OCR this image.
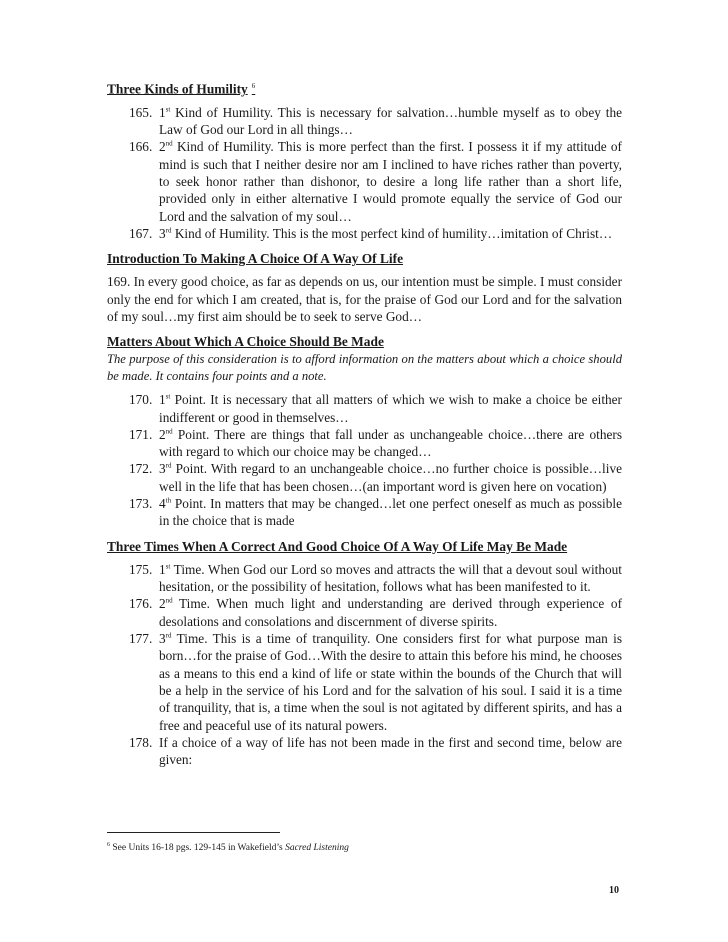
Three Kinds of Humility $^6$
165. 1st Kind of Humility. This is necessary for salvation…humble myself as to obey the Law of God our Lord in all things…
166. 2nd Kind of Humility. This is more perfect than the first. I possess it if my attitude of mind is such that I neither desire nor am I inclined to have riches rather than poverty, to seek honor rather than dishonor, to desire a long life rather than a short life, provided only in either alternative I would promote equally the service of God our Lord and the salvation of my soul…
167. 3rd Kind of Humility. This is the most perfect kind of humility…imitation of Christ…
Introduction To Making A Choice Of A Way Of Life

169. In every good choice, as far as depends on us, our intention must be simple. I must consider only the end for which I am created, that is, for the praise of God our Lord and for the salvation of my soul…my first aim should be to seek to serve God…

Matters About Which A Choice Should Be Made

The purpose of this consideration is to afford information on the matters about which a choice should be made. It contains four points and a note.

170. 1st Point. It is necessary that all matters of which we wish to make a choice be either indifferent or good in themselves…
171. 2nd Point. There are things that fall under as unchangeable choice…there are others with regard to which our choice may be changed…
172. 3rd Point. With regard to an unchangeable choice…no further choice is possible…live well in the life that has been chosen…(an important word is given here on vocation)
173. 4th Point. In matters that may be changed…let one perfect oneself as much as possible in the choice that is made
Three Times When A Correct And Good Choice Of A Way Of Life May Be Made
175. 1st Time. When God our Lord so moves and attracts the will that a devout soul without hesitation, or the possibility of hesitation, follows what has been manifested to it.
176. 2nd Time. When much light and understanding are derived through experience of desolations and consolations and discernment of diverse spirits.
177. 3rd Time. This is a time of tranquility. One considers first for what purpose man is born…for the praise of God…With the desire to attain this before his mind, he chooses as a means to this end a kind of life or state within the bounds of the Church that will be a help in the service of his Lord and for the salvation of his soul. I said it is a time of tranquility, that is, a time when the soul is not agitated by different spirits, and has a free and peaceful use of its natural powers.
178. If a choice of a way of life has not been made in the first and second time, below are given:
$^6$ See Units 16-18 pgs. 129-145 in Wakefield’s Sacred Listening
10
